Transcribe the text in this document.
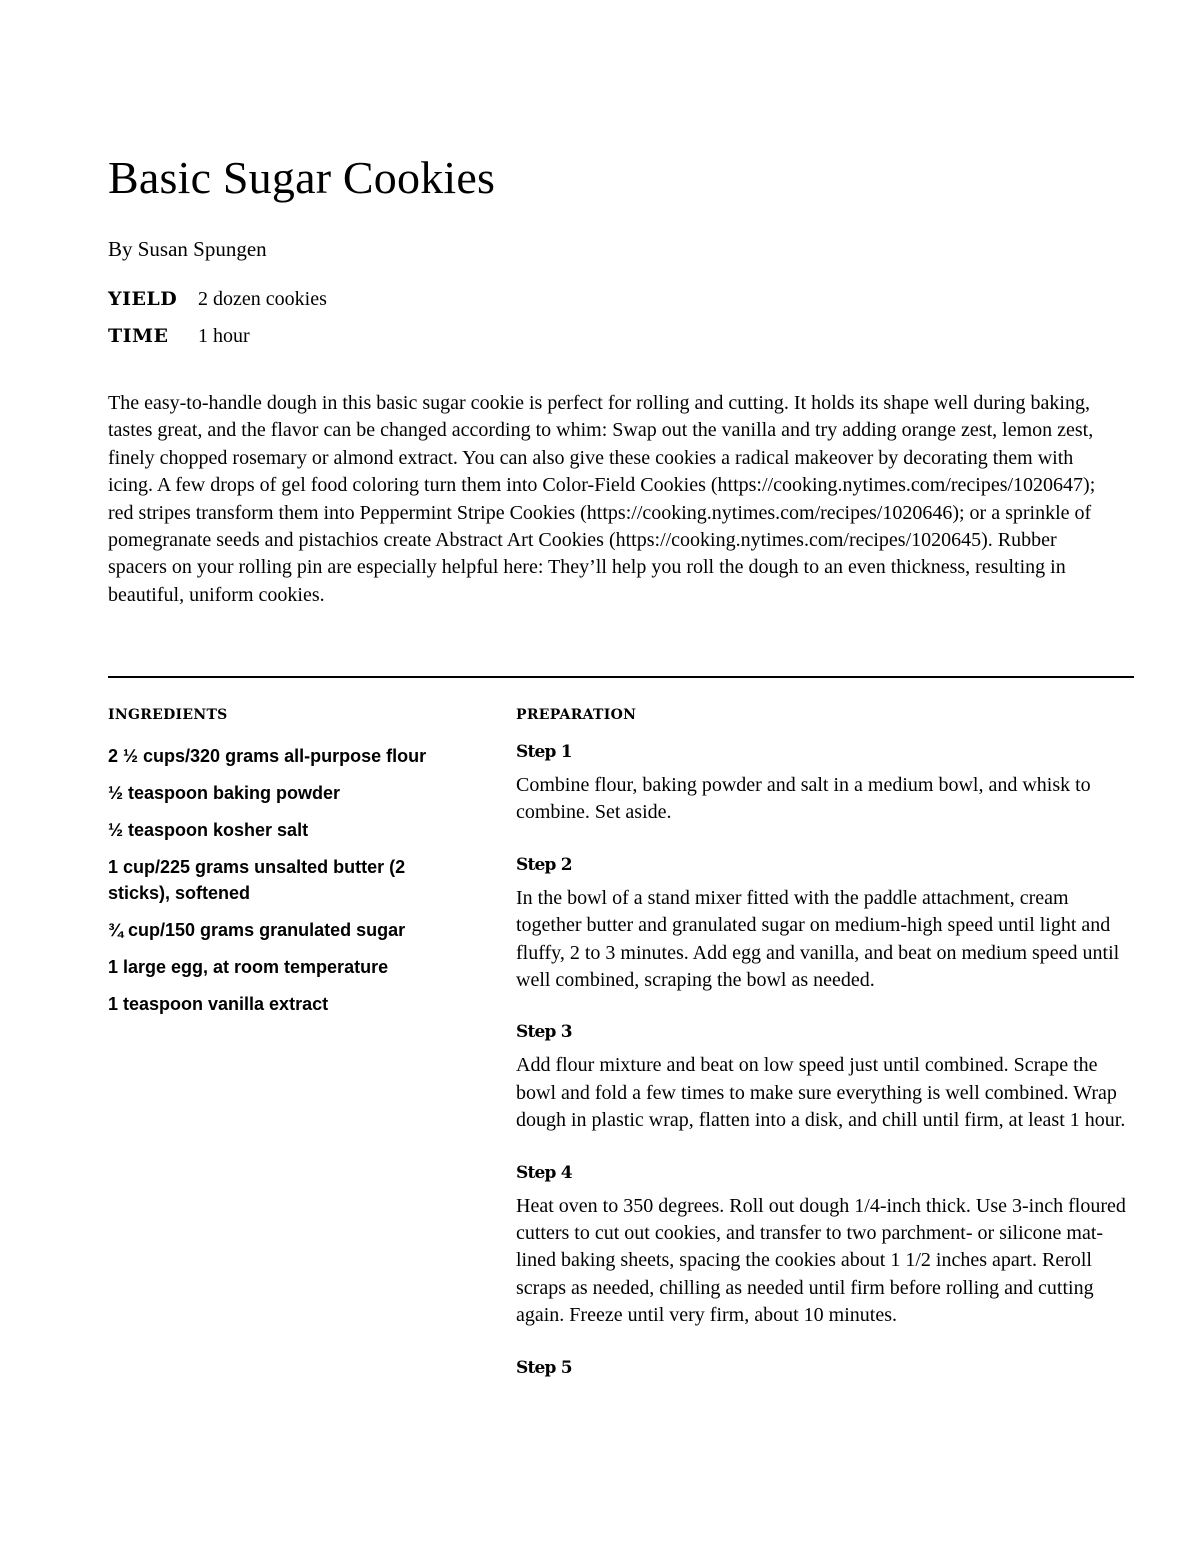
Basic Sugar Cookies
By Susan Spungen
YIELD	2 dozen cookies
TIME	1 hour

The easy-to-handle dough in this basic sugar cookie is perfect for rolling and cutting. It holds its shape well during baking, tastes great, and the flavor can be changed according to whim: Swap out the vanilla and try adding orange zest, lemon zest, finely chopped rosemary or almond extract. You can also give these cookies a radical makeover by decorating them with icing. A few drops of gel food coloring turn them into Color-Field Cookies (https://cooking.nytimes.com/recipes/1020647); red stripes transform them into Peppermint Stripe Cookies (https://cooking.nytimes.com/recipes/1020646); or a sprinkle of pomegranate seeds and pistachios create Abstract Art Cookies (https://cooking.nytimes.com/recipes/1020645). Rubber spacers on your rolling pin are especially helpful here: They’ll help you roll the dough to an even thickness, resulting in beautiful, uniform cookies.

INGREDIENTS
2 ½ cups/320 grams all-purpose flour
½ teaspoon baking powder
½ teaspoon kosher salt
1 cup/225 grams unsalted butter (2 sticks), softened
¾ cup/150 grams granulated sugar
1 large egg, at room temperature
1 teaspoon vanilla extract
PREPARATION
Step 1

Combine flour, baking powder and salt in a medium bowl, and whisk to combine. Set aside.

Step 2

In the bowl of a stand mixer fitted with the paddle attachment, cream together butter and granulated sugar on medium-high speed until light and fluffy, 2 to 3 minutes. Add egg and vanilla, and beat on medium speed until well combined, scraping the bowl as needed.

Step 3

Add flour mixture and beat on low speed just until combined. Scrape the bowl and fold a few times to make sure everything is well combined. Wrap dough in plastic wrap, flatten into a disk, and chill until firm, at least 1 hour.

Step 4

Heat oven to 350 degrees. Roll out dough 1/4-inch thick. Use 3-inch floured cutters to cut out cookies, and transfer to two parchment- or silicone mat-lined baking sheets, spacing the cookies about 1 1/2 inches apart. Reroll scraps as needed, chilling as needed until firm before rolling and cutting again. Freeze until very firm, about 10 minutes.

Step 5
